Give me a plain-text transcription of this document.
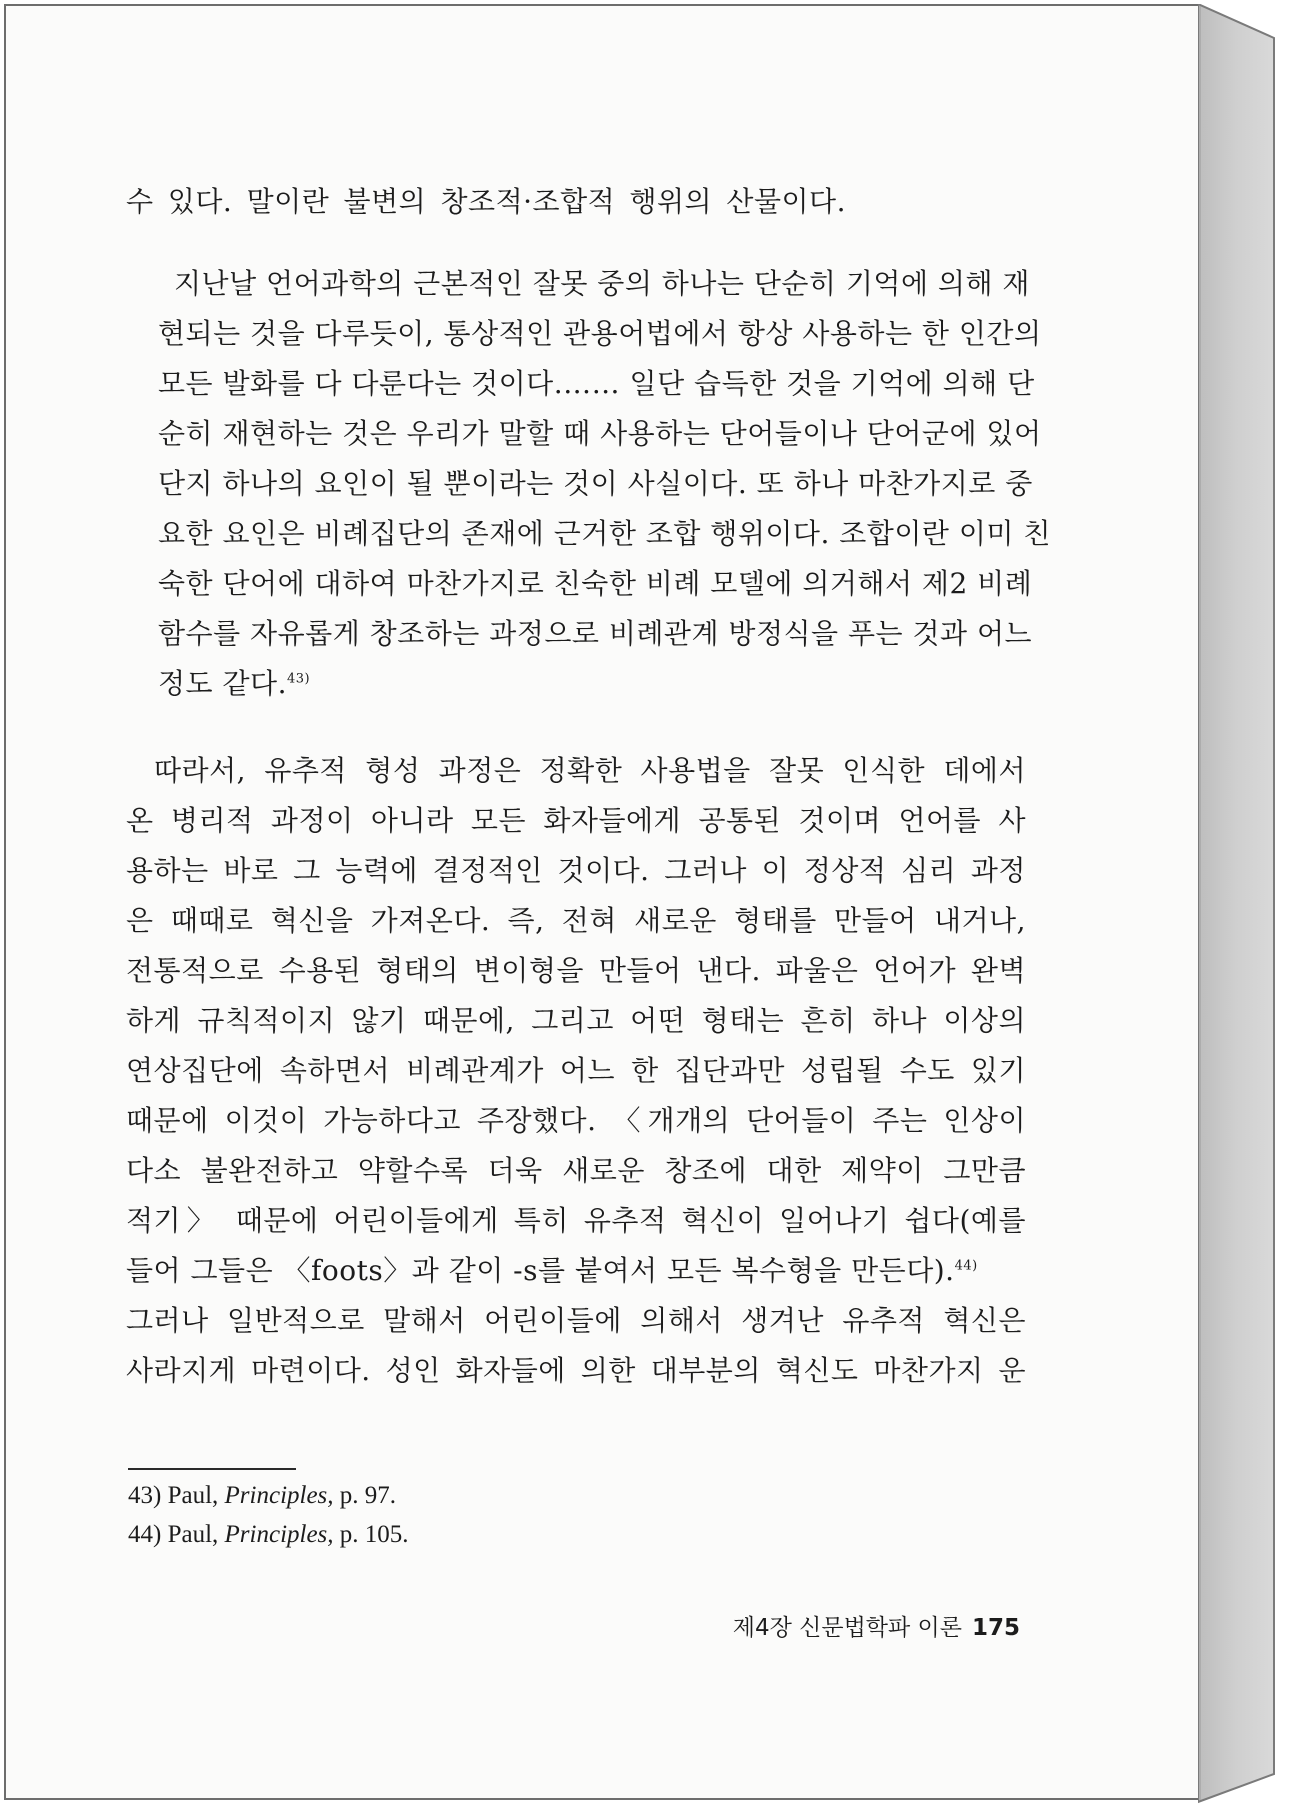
수 있다. 말이란 불변의 창조적·조합적 행위의 산물이다.
지난날 언어과학의 근본적인 잘못 중의 하나는 단순히 기억에 의해 재
현되는 것을 다루듯이, 통상적인 관용어법에서 항상 사용하는 한 인간의
모든 발화를 다 다룬다는 것이다.…… 일단 습득한 것을 기억에 의해 단
순히 재현하는 것은 우리가 말할 때 사용하는 단어들이나 단어군에 있어
단지 하나의 요인이 될 뿐이라는 것이 사실이다. 또 하나 마찬가지로 중
요한 요인은 비례집단의 존재에 근거한 조합 행위이다. 조합이란 이미 친
숙한 단어에 대하여 마찬가지로 친숙한 비례 모델에 의거해서 제2 비례
함수를 자유롭게 창조하는 과정으로 비례관계 방정식을 푸는 것과 어느
정도 같다.$^{43)}$
따라서, 유추적 형성 과정은 정확한 사용법을 잘못 인식한 데에서
온 병리적 과정이 아니라 모든 화자들에게 공통된 것이며 언어를 사
용하는 바로 그 능력에 결정적인 것이다. 그러나 이 정상적 심리 과정
은 때때로 혁신을 가져온다. 즉, 전혀 새로운 형태를 만들어 내거나,
전통적으로 수용된 형태의 변이형을 만들어 낸다. 파울은 언어가 완벽
하게 규칙적이지 않기 때문에, 그리고 어떤 형태는 흔히 하나 이상의
연상집단에 속하면서 비례관계가 어느 한 집단과만 성립될 수도 있기
때문에 이것이 가능하다고 주장했다. 〈개개의 단어들이 주는 인상이
다소 불완전하고 약할수록 더욱 새로운 창조에 대한 제약이 그만큼
적기〉 때문에 어린이들에게 특히 유추적 혁신이 일어나기 쉽다(예를
들어 그들은 〈foots〉과 같이 -s를 붙여서 모든 복수형을 만든다).$^{44)}$
그러나 일반적으로 말해서 어린이들에 의해서 생겨난 유추적 혁신은
사라지게 마련이다. 성인 화자들에 의한 대부분의 혁신도 마찬가지 운
43) Paul, Principles, p. 97.
44) Paul, Principles, p. 105.
제4장 신문법학파 이론 175
